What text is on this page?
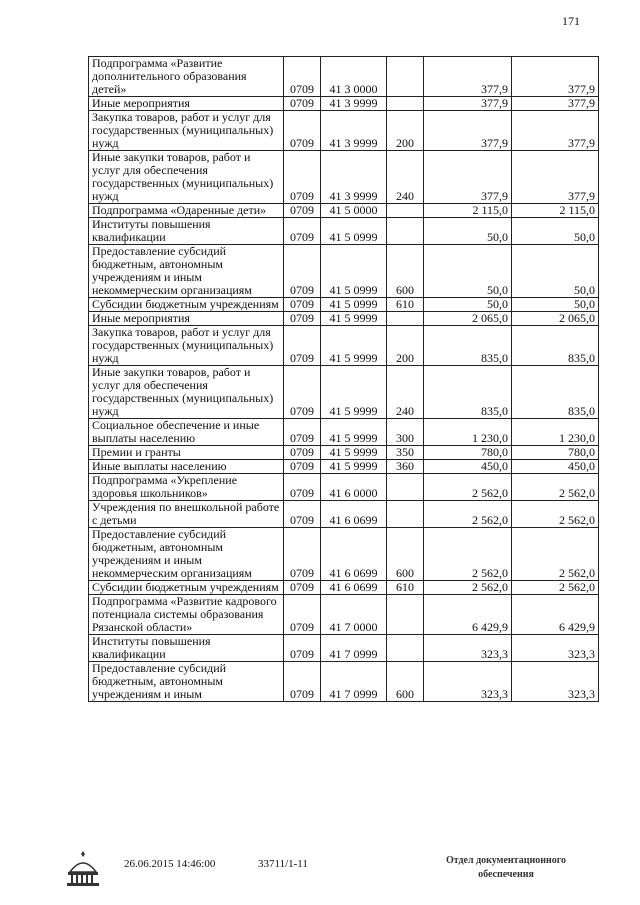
171
Подпрограмма «Развитие дополнительного образования детей»	0709	41 3 0000		377,9	377,9
Иные мероприятия	0709	41 3 9999		377,9	377,9
Закупка товаров, работ и услуг для государственных (муниципальных) нужд	0709	41 3 9999	200	377,9	377,9
Иные закупки товаров, работ и услуг для обеспечения государственных (муниципальных) нужд	0709	41 3 9999	240	377,9	377,9
Подпрограмма «Одаренные дети»	0709	41 5 0000		2 115,0	2 115,0
Институты повышения квалификации	0709	41 5 0999		50,0	50,0
Предоставление субсидий бюджетным, автономным учреждениям и иным некоммерческим организациям	0709	41 5 0999	600	50,0	50,0
Субсидии бюджетным учреждениям	0709	41 5 0999	610	50,0	50,0
Иные мероприятия	0709	41 5 9999		2 065,0	2 065,0
Закупка товаров, работ и услуг для государственных (муниципальных) нужд	0709	41 5 9999	200	835,0	835,0
Иные закупки товаров, работ и услуг для обеспечения государственных (муниципальных) нужд	0709	41 5 9999	240	835,0	835,0
Социальное обеспечение и иные выплаты населению	0709	41 5 9999	300	1 230,0	1 230,0
Премии и гранты	0709	41 5 9999	350	780,0	780,0
Иные выплаты населению	0709	41 5 9999	360	450,0	450,0
Подпрограмма «Укрепление здоровья школьников»	0709	41 6 0000		2 562,0	2 562,0
Учреждения по внешкольной работе с детьми	0709	41 6 0699		2 562,0	2 562,0
Предоставление субсидий бюджетным, автономным учреждениям и иным некоммерческим организациям	0709	41 6 0699	600	2 562,0	2 562,0
Субсидии бюджетным учреждениям	0709	41 6 0699	610	2 562,0	2 562,0
Подпрограмма «Развитие кадрового потенциала системы образования Рязанской области»	0709	41 7 0000		6 429,9	6 429,9
Институты повышения квалификации	0709	41 7 0999		323,3	323,3
Предоставление субсидий бюджетным, автономным учреждениям и иным	0709	41 7 0999	600	323,3	323,3
26.06.2015 14:46:00	33711/1-11	Отдел документационного
обеспечения
